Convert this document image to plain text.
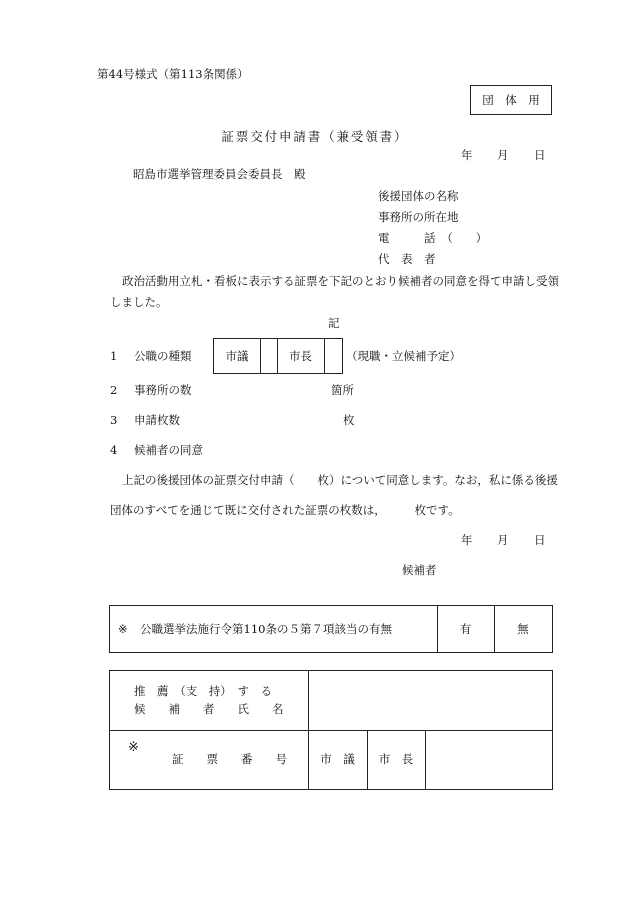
第44号様式（第113条関係）
団　体　用
証票交付申請書（兼受領書）
年 月 日
昭島市選挙管理委員会委員長　殿
後援団体の名称
事務所の所在地
電　　　話　（　　）
代　表　者
政治活動用立札・看板に表示する証票を下記のとおり候補者の同意を得て申請し受領
しました。
記
1 公職の種類	市議	市長	（現職・立候補予定）
2 事務所の数	箇所
3 申請枚数	枚
4 候補者の同意
上記の後援団体の証票交付申請（　　枚）について同意します。なお，私に係る後援
団体のすべてを通じて既に交付された証票の枚数は，　　　枚です。
年 月 日
候補者
※ 公職選挙法施行令第110条の５第７項該当の有無	有	無
推　薦　（支　持）　す　る
候　　補　　者　　氏　　名
※
証　　票　　番　　号	市　議	市　長
